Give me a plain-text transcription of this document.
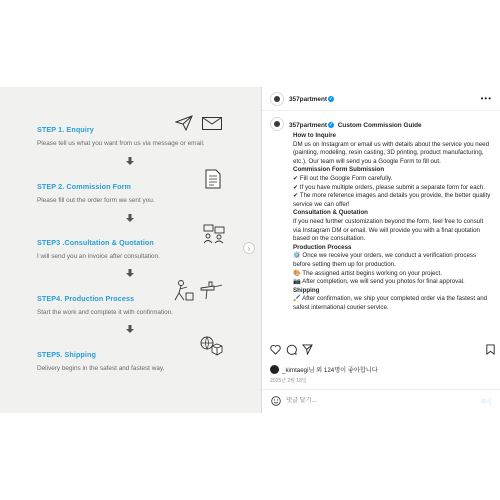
STEP 1. Enquiry
Please tell us what you want from us via message or email.
STEP 2. Commission Form
Please fill out the order form we sent you.
STEP3 .Consultation & Quotation
I will send you an invoice after consultation.
STEP4. Production Process
Start the work and complete it with confirmation.
STEP5. Shipping
Delivery begins in the safest and fastest way.
›
357partment ✓	•••
357partment ✓ Custom Commission Guide

How to Inquire

DM us on Instagram or email us with details about the service you need (painting, modeling, resin casting, 3D printing, product manufacturing, etc.). Our team will send you a Google Form to fill out.

Commission Form Submission

✔ Fill out the Google Form carefully.

✔ If you have multiple orders, please submit a separate form for each.

✔ The more reference images and details you provide, the better quality service we can offer!

Consultation & Quotation

If you need further customization beyond the form, feel free to consult via Instagram DM or email. We will provide you with a final quotation based on the consultation.

Production Process

⚙️ Once we receive your orders, we conduct a verification process before setting them up for production.

🎨 The assigned artist begins working on your project.

📷 After completion, we will send you photos for final approval.

Shipping

🖌️ After confirmation, we ship your completed order via the fastest and safest international courier service.

_kimtaegi님 외 124명이 좋아합니다
2025년 2월 18일
댓글 달기...
게시
